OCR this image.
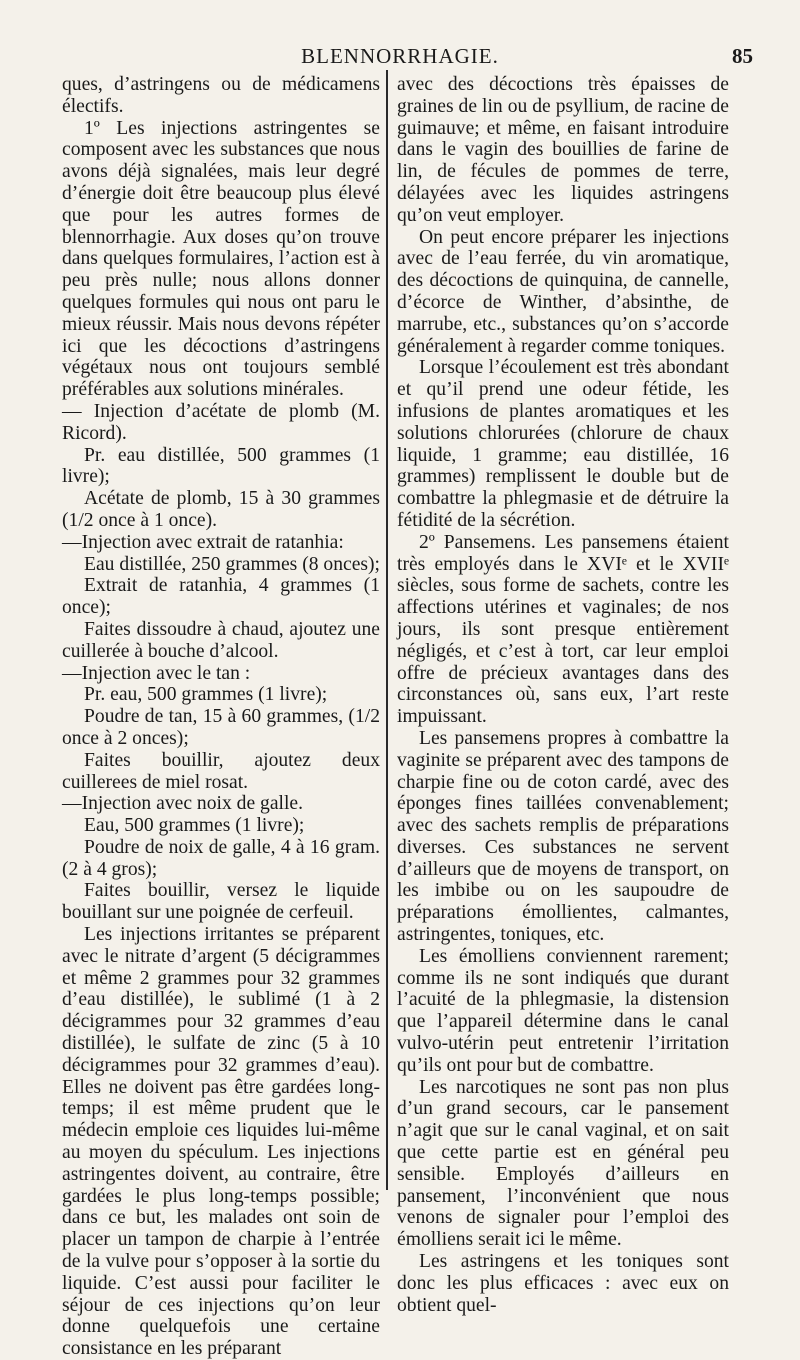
BLENNORRHAGIE.	85

ques, d’astringens ou de médicamens électifs.

1º Les injections astringentes se composent avec les substances que nous avons déjà signalées, mais leur degré d’énergie doit être beaucoup plus élevé que pour les autres formes de blennorrhagie. Aux doses qu’on trouve dans quelques formulaires, l’action est à peu près nulle; nous allons donner quelques formules qui nous ont paru le mieux réussir. Mais nous devons répéter ici que les décoctions d’astringens végétaux nous ont toujours semblé préférables aux solutions minérales.

— Injection d’acétate de plomb (M. Ricord).

Pr. eau distillée, 500 grammes (1 livre);

Acétate de plomb, 15 à 30 grammes (1/2 once à 1 once).

—Injection avec extrait de ratanhia:

Eau distillée, 250 grammes (8 onces);

Extrait de ratanhia, 4 grammes (1 once);

Faites dissoudre à chaud, ajoutez une cuillerée à bouche d’alcool.

—Injection avec le tan :

Pr. eau, 500 grammes (1 livre);

Poudre de tan, 15 à 60 grammes, (1/2 once à 2 onces);

Faites bouillir, ajoutez deux cuillerees de miel rosat.

—Injection avec noix de galle.

Eau, 500 grammes (1 livre);

Poudre de noix de galle, 4 à 16 gram. (2 à 4 gros);

Faites bouillir, versez le liquide bouillant sur une poignée de cerfeuil.

Les injections irritantes se préparent avec le nitrate d’argent (5 décigrammes et même 2 grammes pour 32 grammes d’eau distillée), le sublimé (1 à 2 décigrammes pour 32 grammes d’eau distillée), le sulfate de zinc (5 à 10 décigrammes pour 32 grammes d’eau). Elles ne doivent pas être gardées long-temps; il est même prudent que le médecin emploie ces liquides lui-même au moyen du spéculum. Les injections astringentes doivent, au contraire, être gardées le plus long-temps possible; dans ce but, les malades ont soin de placer un tampon de charpie à l’entrée de la vulve pour s’opposer à la sortie du liquide. C’est aussi pour faciliter le séjour de ces injections qu’on leur donne quelquefois une certaine consistance en les préparant

avec des décoctions très épaisses de graines de lin ou de psyllium, de racine de guimauve; et même, en faisant introduire dans le vagin des bouillies de farine de lin, de fécules de pommes de terre, délayées avec les liquides astringens qu’on veut employer.

On peut encore préparer les injections avec de l’eau ferrée, du vin aromatique, des décoctions de quinquina, de cannelle, d’écorce de Winther, d’absinthe, de marrube, etc., substances qu’on s’accorde généralement à regarder comme toniques.

Lorsque l’écoulement est très abondant et qu’il prend une odeur fétide, les infusions de plantes aromatiques et les solutions chlorurées (chlorure de chaux liquide, 1 gramme; eau distillée, 16 grammes) remplissent le double but de combattre la phlegmasie et de détruire la fétidité de la sécrétion.

2º Pansemens. Les pansemens étaient très employés dans le XVIᵉ et le XVIIᵉ siècles, sous forme de sachets, contre les affections utérines et vaginales; de nos jours, ils sont presque entièrement négligés, et c’est à tort, car leur emploi offre de précieux avantages dans des circonstances où, sans eux, l’art reste impuissant.

Les pansemens propres à combattre la vaginite se préparent avec des tampons de charpie fine ou de coton cardé, avec des éponges fines taillées convenablement; avec des sachets remplis de préparations diverses. Ces substances ne servent d’ailleurs que de moyens de transport, on les imbibe ou on les saupoudre de préparations émollientes, calmantes, astringentes, toniques, etc.

Les émolliens conviennent rarement; comme ils ne sont indiqués que durant l’acuité de la phlegmasie, la distension que l’appareil détermine dans le canal vulvo-utérin peut entretenir l’irritation qu’ils ont pour but de combattre.

Les narcotiques ne sont pas non plus d’un grand secours, car le pansement n’agit que sur le canal vaginal, et on sait que cette partie est en général peu sensible. Employés d’ailleurs en pansement, l’inconvénient que nous venons de signaler pour l’emploi des émolliens serait ici le même.

Les astringens et les toniques sont donc les plus efficaces : avec eux on obtient quel-
